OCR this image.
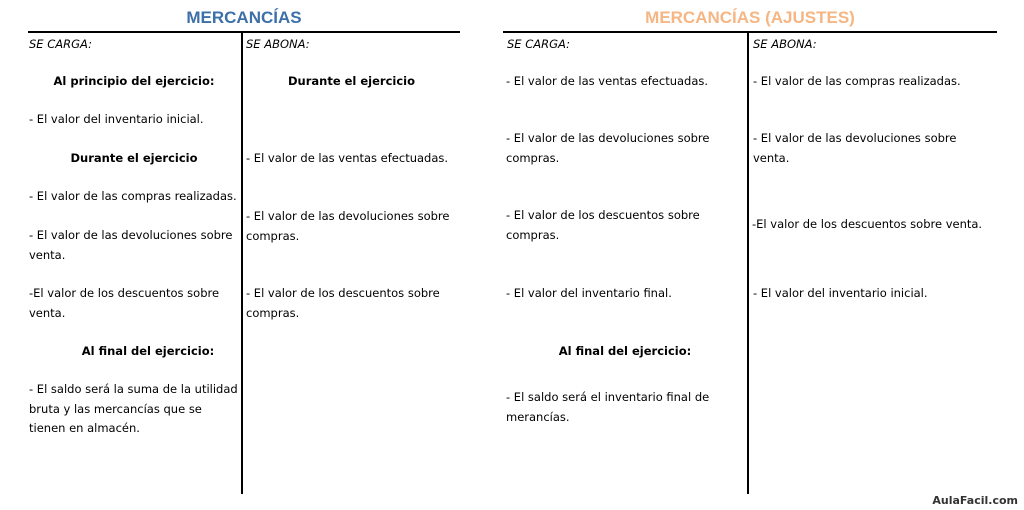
MERCANCÍAS
SE CARGA:	SE ABONA:
Al principio del ejercicio:
- El valor del inventario inicial.
Durante el ejercicio
- El valor de las compras realizadas.
- El valor de las devoluciones sobre venta.
-El valor de los descuentos sobre venta.
Al final del ejercicio:
- El saldo será la suma de la utilidad bruta y las mercancías que se tienen en almacén.
Durante el ejercicio
- El valor de las ventas efectuadas.
- El valor de las devoluciones sobre compras.
- El valor de los descuentos sobre compras.
MERCANCÍAS (AJUSTES)
SE CARGA:	SE ABONA:
- El valor de las ventas efectuadas.
- El valor de las devoluciones sobre compras.
- El valor de los descuentos sobre compras.
- El valor del inventario final.
Al final del ejercicio:
- El saldo será el inventario final de merancías.
- El valor de las compras realizadas.
- El valor de las devoluciones sobre venta.
-El valor de los descuentos sobre venta.
- El valor del inventario inicial.
AulaFacil.com
